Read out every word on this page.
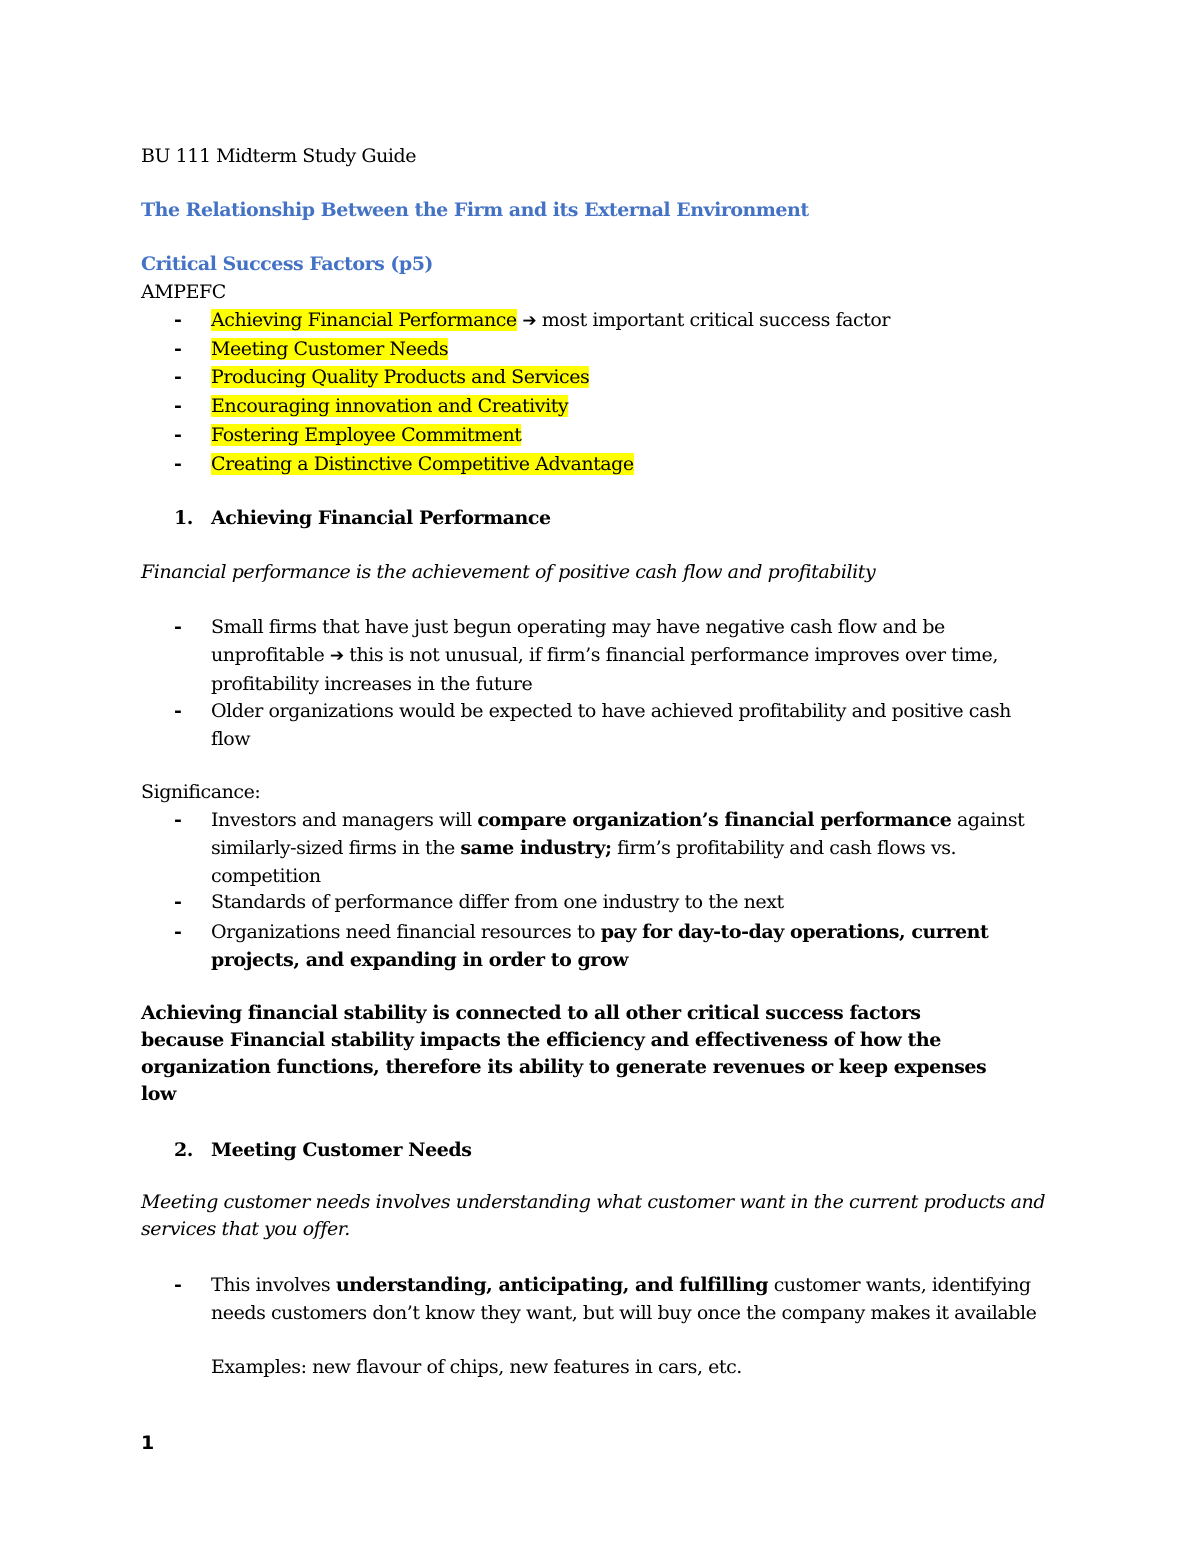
BU 111 Midterm Study Guide

The Relationship Between the Firm and its External Environment

Critical Success Factors (p5)

AMPEFC

- Achieving Financial Performance ➔ most important critical success factor
- Meeting Customer Needs
- Producing Quality Products and Services
- Encouraging innovation and Creativity
- Fostering Employee Commitment
- Creating a Distinctive Competitive Advantage
1. Achieving Financial Performance

Financial performance is the achievement of positive cash flow and profitability

- Small firms that have just begun operating may have negative cash flow and be unprofitable ➔ this is not unusual, if firm’s financial performance improves over time, profitability increases in the future
- Older organizations would be expected to have achieved profitability and positive cash flow

Significance:

- Investors and managers will compare organization’s financial performance against similarly-sized firms in the same industry; firm’s profitability and cash flows vs. competition
- Standards of performance differ from one industry to the next
- Organizations need financial resources to pay for day-to-day operations, current projects, and expanding in order to grow

Achieving financial stability is connected to all other critical success factors because Financial stability impacts the efficiency and effectiveness of how the organization functions, therefore its ability to generate revenues or keep expenses low

2. Meeting Customer Needs

Meeting customer needs involves understanding what customer want in the current products and services that you offer.

- This involves understanding, anticipating, and fulfilling customer wants, identifying needs customers don’t know they want, but will buy once the company makes it available

Examples: new flavour of chips, new features in cars, etc.

1
